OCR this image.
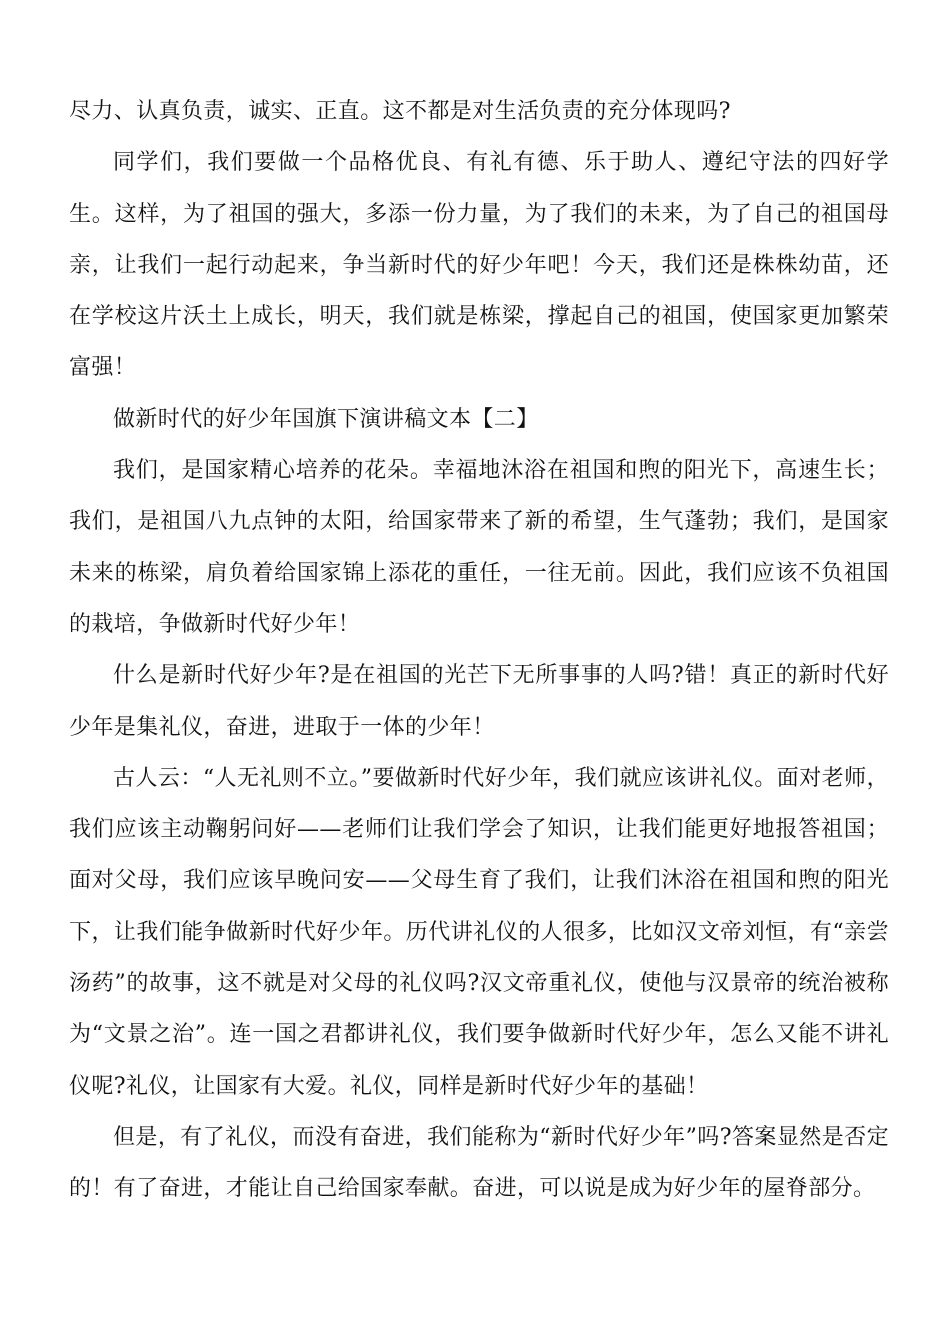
尽力、认真负责，诚实、正直。这不都是对生活负责的充分体现吗?

同学们，我们要做一个品格优良、有礼有德、乐于助人、遵纪守法的四好学生。这样，为了祖国的强大，多添一份力量，为了我们的未来，为了自己的祖国母亲，让我们一起行动起来，争当新时代的好少年吧！今天，我们还是株株幼苗，还在学校这片沃土上成长，明天，我们就是栋梁，撑起自己的祖国，使国家更加繁荣富强！

做新时代的好少年国旗下演讲稿文本【二】

我们，是国家精心培养的花朵。幸福地沐浴在祖国和煦的阳光下，高速生长；我们，是祖国八九点钟的太阳，给国家带来了新的希望，生气蓬勃；我们，是国家未来的栋梁，肩负着给国家锦上添花的重任，一往无前。因此，我们应该不负祖国的栽培，争做新时代好少年！

什么是新时代好少年?是在祖国的光芒下无所事事的人吗?错！真正的新时代好少年是集礼仪，奋进，进取于一体的少年！

古人云：“人无礼则不立。”要做新时代好少年，我们就应该讲礼仪。面对老师，我们应该主动鞠躬问好——老师们让我们学会了知识，让我们能更好地报答祖国；面对父母，我们应该早晚问安——父母生育了我们，让我们沐浴在祖国和煦的阳光下，让我们能争做新时代好少年。历代讲礼仪的人很多，比如汉文帝刘恒，有“亲尝汤药”的故事，这不就是对父母的礼仪吗?汉文帝重礼仪，使他与汉景帝的统治被称为“文景之治”。连一国之君都讲礼仪，我们要争做新时代好少年，怎么又能不讲礼仪呢?礼仪，让国家有大爱。礼仪，同样是新时代好少年的基础！

但是，有了礼仪，而没有奋进，我们能称为“新时代好少年”吗?答案显然是否定的！有了奋进，才能让自己给国家奉献。奋进，可以说是成为好少年的屋脊部分。
